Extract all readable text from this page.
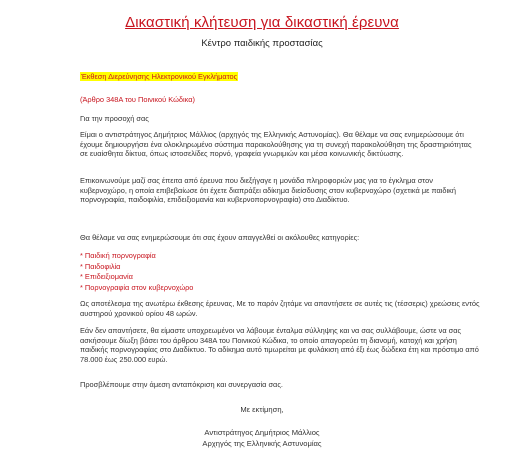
Δικαστική κλήτευση για δικαστική έρευνα
Κέντρο παιδικής προστασίας

Έκθεση Διερεύνησης Ηλεκτρονικού Εγκλήματος

(Άρθρο 348Α του Ποινικού Κώδικα)

Για την προσοχή σας

Είμαι ο αντιστράτηγος Δημήτριος Μάλλιος (αρχηγός της Ελληνικής Αστυνομίας). Θα θέλαμε να σας ενημερώσουμε ότι έχουμε δημιουργήσει ένα ολοκληρωμένο σύστημα παρακολούθησης για τη συνεχή παρακολούθηση της δραστηριότητας σε ευαίσθητα δίκτυα, όπως ιστοσελίδες πορνό, γραφεία γνωριμιών και μέσα κοινωνικής δικτύωσης.

Επικοινωνούμε μαζί σας έπειτα από έρευνα που διεξήγαγε η μονάδα πληροφοριών μας για το έγκλημα στον κυβερνοχώρο, η οποία επιβεβαίωσε ότι έχετε διαπράξει αδίκημα διείσδυσης στον κυβερνοχώρο (σχετικά με παιδική πορνογραφία, παιδοφιλία, επιδειξιομανία και κυβερνοπορνογραφία) στο Διαδίκτυο.

Θα θέλαμε να σας ενημερώσουμε ότι σας έχουν απαγγελθεί οι ακόλουθες κατηγορίες:

* Παιδική πορνογραφία
* Παιδοφιλία
* Επιδειξιομανία
* Πορνογραφία στον κυβερνοχώρο

Ως αποτέλεσμα της ανωτέρω έκθεσης έρευνας, Με το παρόν ζητάμε να απαντήσετε σε αυτές τις (τέσσερις) χρεώσεις εντός αυστηρού χρονικού ορίου 48 ωρών.

Εάν δεν απαντήσετε, θα είμαστε υποχρεωμένοι να λάβουμε ένταλμα σύλληψης και να σας συλλάβουμε, ώστε να σας ασκήσουμε δίωξη βάσει του άρθρου 348Α του Ποινικού Κώδικα, το οποίο απαγορεύει τη διανομή, κατοχή και χρήση παιδικής πορνογραφίας στο Διαδίκτυο. Το αδίκημα αυτό τιμωρείται με φυλάκιση από έξι έως δώδεκα έτη και πρόστιμο από 78.000 έως 250.000 ευρώ.

Προσβλέπουμε στην άμεση ανταπόκριση και συνεργασία σας.

Με εκτίμηση,
Αντιστράτηγος Δημήτριος Μάλλιος
Αρχηγός της Ελληνικής Αστυνομίας
